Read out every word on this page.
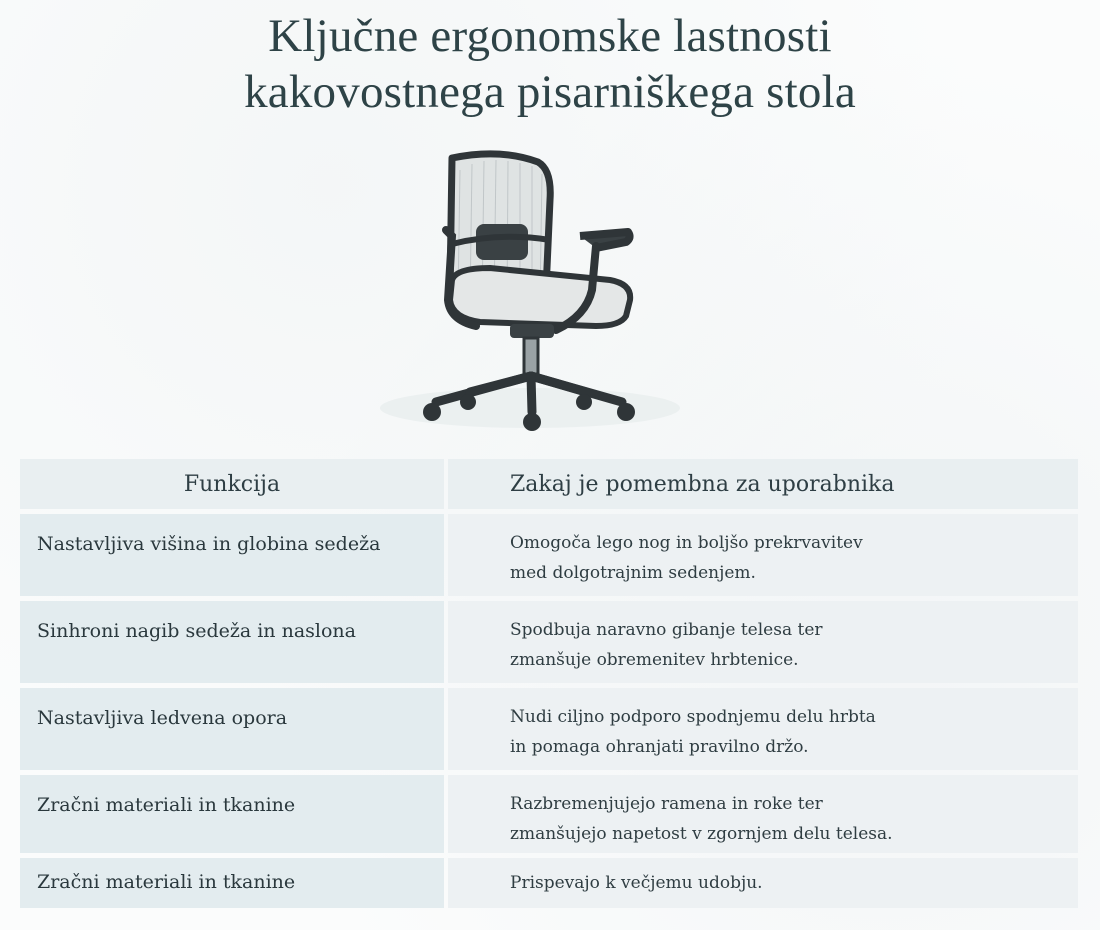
Ključne ergonomske lastnosti
kakovostnega pisarniškega stola
Funkcija	Zakaj je pomembna za uporabnika
Nastavljiva višina in globina sedeža	Omogoča lego nog in boljšo prekrvavitev
med dolgotrajnim sedenjem.
Sinhroni nagib sedeža in naslona	Spodbuja naravno gibanje telesa ter
zmanšuje obremenitev hrbtenice.
Nastavljiva ledvena opora	Nudi ciljno podporo spodnjemu delu hrbta
in pomaga ohranjati pravilno držo.
Zračni materiali in tkanine	Razbremenjujejo ramena in roke ter
zmanšujejo napetost v zgornjem delu telesa.
Zračni materiali in tkanine	Prispevajo k večjemu udobju.
